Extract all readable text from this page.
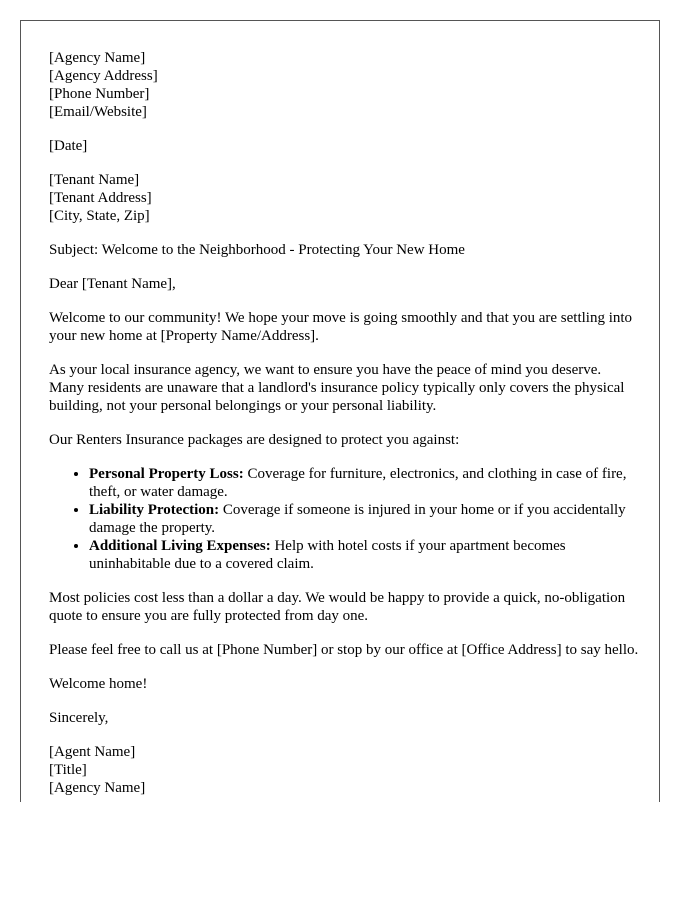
[Agency Name]
[Agency Address]
[Phone Number]
[Email/Website]
[Date]
[Tenant Name]
[Tenant Address]
[City, State, Zip]

Subject: Welcome to the Neighborhood - Protecting Your New Home

Dear [Tenant Name],

Welcome to our community! We hope your move is going smoothly and that you are settling into your new home at [Property Name/Address].

As your local insurance agency, we want to ensure you have the peace of mind you deserve. Many residents are unaware that a landlord's insurance policy typically only covers the physical building, not your personal belongings or your personal liability.

Our Renters Insurance packages are designed to protect you against:

• Personal Property Loss: Coverage for furniture, electronics, and clothing in case of fire, theft, or water damage.
• Liability Protection: Coverage if someone is injured in your home or if you accidentally damage the property.
• Additional Living Expenses: Help with hotel costs if your apartment becomes uninhabitable due to a covered claim.

Most policies cost less than a dollar a day. We would be happy to provide a quick, no-obligation quote to ensure you are fully protected from day one.

Please feel free to call us at [Phone Number] or stop by our office at [Office Address] to say hello.

Welcome home!

Sincerely,

[Agent Name]
[Title]
[Agency Name]
